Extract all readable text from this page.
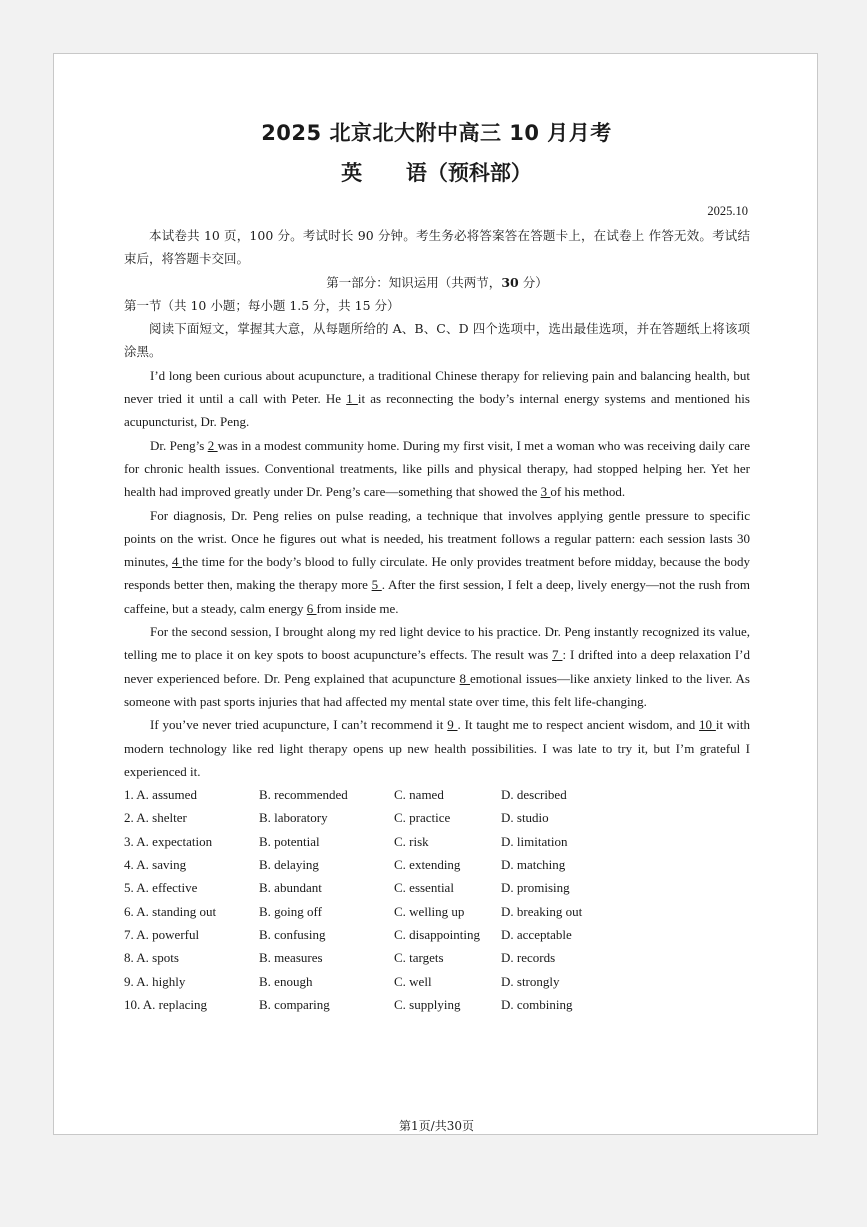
2025 北京北大附中高三 10 月月考
英      语（预科部）
2025.10

本试卷共 10 页，100 分。考试时长 90 分钟。考生务必将答案答在答题卡上，在试卷上 作答无效。考试结束后，将答题卡交回。

第一部分：知识运用（共两节，30 分）

第一节（共 10 小题；每小题 1.5 分，共 15 分）

阅读下面短文，掌握其大意，从每题所给的 A、B、C、D 四个选项中，选出最佳选项，并在答题纸上将该项涂黑。

I’d long been curious about acupuncture, a traditional Chinese therapy for relieving pain and balancing health, but never tried it until a call with Peter. He 1 it as reconnecting the body’s internal energy systems and mentioned his acupuncturist, Dr. Peng.

Dr. Peng’s 2 was in a modest community home. During my first visit, I met a woman who was receiving daily care for chronic health issues. Conventional treatments, like pills and physical therapy, had stopped helping her. Yet her health had improved greatly under Dr. Peng’s care—something that showed the 3 of his method.

For diagnosis, Dr. Peng relies on pulse reading, a technique that involves applying gentle pressure to specific points on the wrist. Once he figures out what is needed, his treatment follows a regular pattern: each session lasts 30 minutes, 4 the time for the body’s blood to fully circulate. He only provides treatment before midday, because the body responds better then, making the therapy more 5 . After the first session, I felt a deep, lively energy—not the rush from caffeine, but a steady, calm energy 6 from inside me.

For the second session, I brought along my red light device to his practice. Dr. Peng instantly recognized its value, telling me to place it on key spots to boost acupuncture’s effects. The result was 7 : I drifted into a deep relaxation I’d never experienced before. Dr. Peng explained that acupuncture 8 emotional issues—like anxiety linked to the liver. As someone with past sports injuries that had affected my mental state over time, this felt life-changing.

If you’ve never tried acupuncture, I can’t recommend it 9 . It taught me to respect ancient wisdom, and 10 it with modern technology like red light therapy opens up new health possibilities. I was late to try it, but I’m grateful I experienced it.

1. A. assumed	B. recommended	C. named	D. described
2. A. shelter	B. laboratory	C. practice	D. studio
3. A. expectation	B. potential	C. risk	D. limitation
4. A. saving	B. delaying	C. extending	D. matching
5. A. effective	B. abundant	C. essential	D. promising
6. A. standing out	B. going off	C. welling up	D. breaking out
7. A. powerful	B. confusing	C. disappointing	D. acceptable
8. A. spots	B. measures	C. targets	D. records
9. A. highly	B. enough	C. well	D. strongly
10. A. replacing	B. comparing	C. supplying	D. combining
第1页/共30页
